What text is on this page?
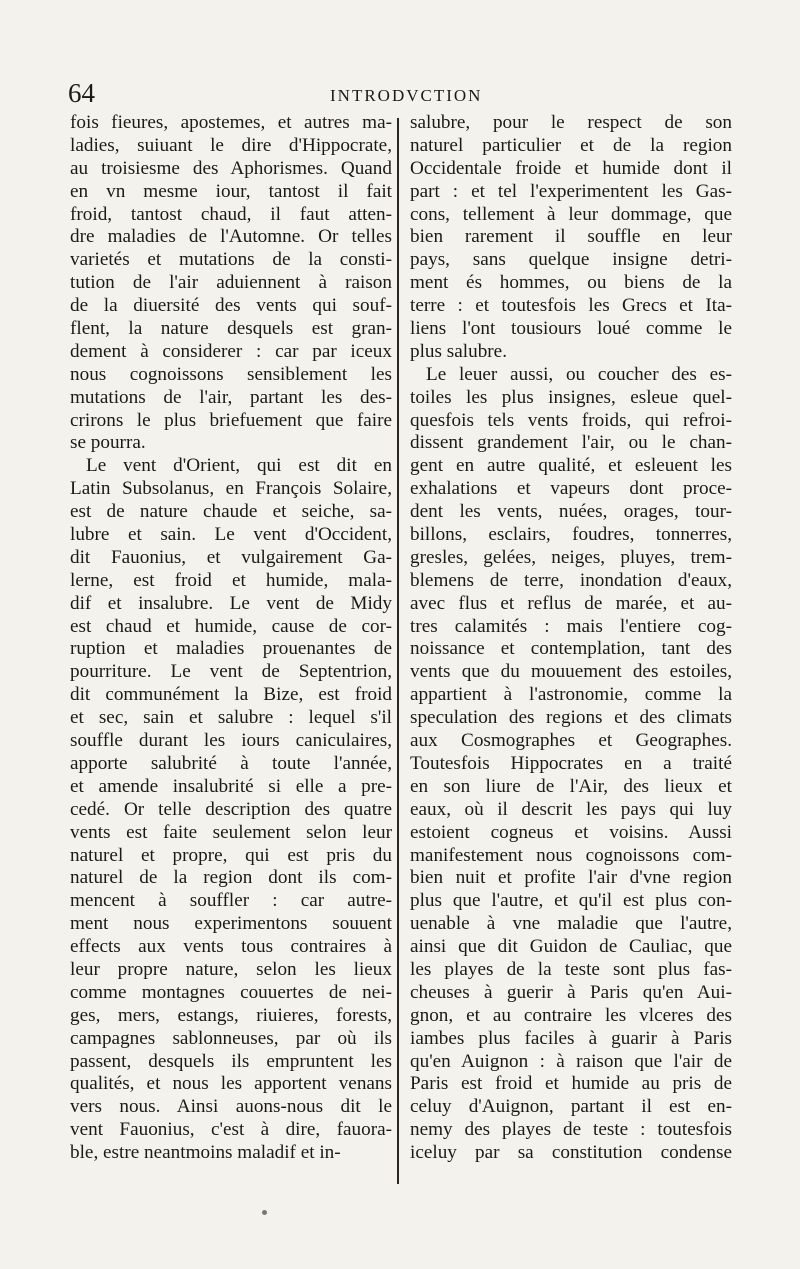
64	INTRODVCTION
fois fieures, apostemes, et autres ma-
ladies, suiuant le dire d'Hippocrate,
au troisiesme des Aphorismes. Quand
en vn mesme iour, tantost il fait
froid, tantost chaud, il faut atten-
dre maladies de l'Automne. Or telles
varietés et mutations de la consti-
tution de l'air aduiennent à raison
de la diuersité des vents qui souf-
flent, la nature desquels est gran-
dement à considerer : car par iceux
nous cognoissons sensiblement les
mutations de l'air, partant les des-
crirons le plus briefuement que faire
se pourra.
Le vent d'Orient, qui est dit en
Latin Subsolanus, en François Solaire,
est de nature chaude et seiche, sa-
lubre et sain. Le vent d'Occident,
dit Fauonius, et vulgairement Ga-
lerne, est froid et humide, mala-
dif et insalubre. Le vent de Midy
est chaud et humide, cause de cor-
ruption et maladies prouenantes de
pourriture. Le vent de Septentrion,
dit communément la Bize, est froid
et sec, sain et salubre : lequel s'il
souffle durant les iours caniculaires,
apporte salubrité à toute l'année,
et amende insalubrité si elle a pre-
cedé. Or telle description des quatre
vents est faite seulement selon leur
naturel et propre, qui est pris du
naturel de la region dont ils com-
mencent à souffler : car autre-
ment nous experimentons souuent
effects aux vents tous contraires à
leur propre nature, selon les lieux
comme montagnes couuertes de nei-
ges, mers, estangs, riuieres, forests,
campagnes sablonneuses, par où ils
passent, desquels ils empruntent les
qualités, et nous les apportent venans
vers nous. Ainsi auons-nous dit le
vent Fauonius, c'est à dire, fauora-
ble, estre neantmoins maladif et in-
salubre, pour le respect de son
naturel particulier et de la region
Occidentale froide et humide dont il
part : et tel l'experimentent les Gas-
cons, tellement à leur dommage, que
bien rarement il souffle en leur
pays, sans quelque insigne detri-
ment és hommes, ou biens de la
terre : et toutesfois les Grecs et Ita-
liens l'ont tousiours loué comme le
plus salubre.
Le leuer aussi, ou coucher des es-
toiles les plus insignes, esleue quel-
quesfois tels vents froids, qui refroi-
dissent grandement l'air, ou le chan-
gent en autre qualité, et esleuent les
exhalations et vapeurs dont proce-
dent les vents, nuées, orages, tour-
billons, esclairs, foudres, tonnerres,
gresles, gelées, neiges, pluyes, trem-
blemens de terre, inondation d'eaux,
avec flus et reflus de marée, et au-
tres calamités : mais l'entiere cog-
noissance et contemplation, tant des
vents que du mouuement des estoiles,
appartient à l'astronomie, comme la
speculation des regions et des climats
aux Cosmographes et Geographes.
Toutesfois Hippocrates en a traité
en son liure de l'Air, des lieux et
eaux, où il descrit les pays qui luy
estoient cogneus et voisins. Aussi
manifestement nous cognoissons com-
bien nuit et profite l'air d'vne region
plus que l'autre, et qu'il est plus con-
uenable à vne maladie que l'autre,
ainsi que dit Guidon de Cauliac, que
les playes de la teste sont plus fas-
cheuses à guerir à Paris qu'en Aui-
gnon, et au contraire les vlceres des
iambes plus faciles à guarir à Paris
qu'en Auignon : à raison que l'air de
Paris est froid et humide au pris de
celuy d'Auignon, partant il est en-
nemy des playes de teste : toutesfois
iceluy par sa constitution condense
